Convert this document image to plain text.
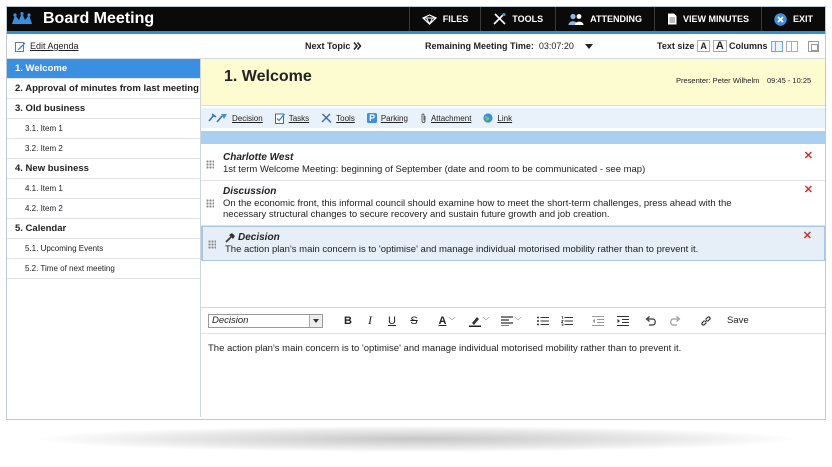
Board Meeting	FILES	TOOLS	ATTENDING	VIEW MINUTES	EXIT
Edit Agenda	Next Topic	Remaining Meeting Time: 03:07:20	Text size A A Columns
1. Welcome
2. Approval of minutes from last meeting
3. Old business
3.1. Item 1
3.2. Item 2
4. New business
4.1. Item 1
4.2. Item 2
5. Calendar
5.1. Upcoming Events
5.2. Time of next meeting
1. Welcome	Presenter: Peter Wilhelm 09:45 - 10:25
Decision	Tasks	Tools	Parking	Attachment	Link
Charlotte West
1st term Welcome Meeting: beginning of September (date and room to be communicated - see map)
✕
Discussion
On the economic front, this informal council should examine how to meet the short-term challenges, press ahead with the necessary structural changes to secure recovery and sustain future growth and job creation.
✕
Decision
The action plan's main concern is to 'optimise' and manage individual motorised mobility rather than to prevent it.
✕
Decision	B	I	U	S	A ﹀	﹀	﹀	Save
The action plan's main concern is to 'optimise' and manage individual motorised mobility rather than to prevent it.
